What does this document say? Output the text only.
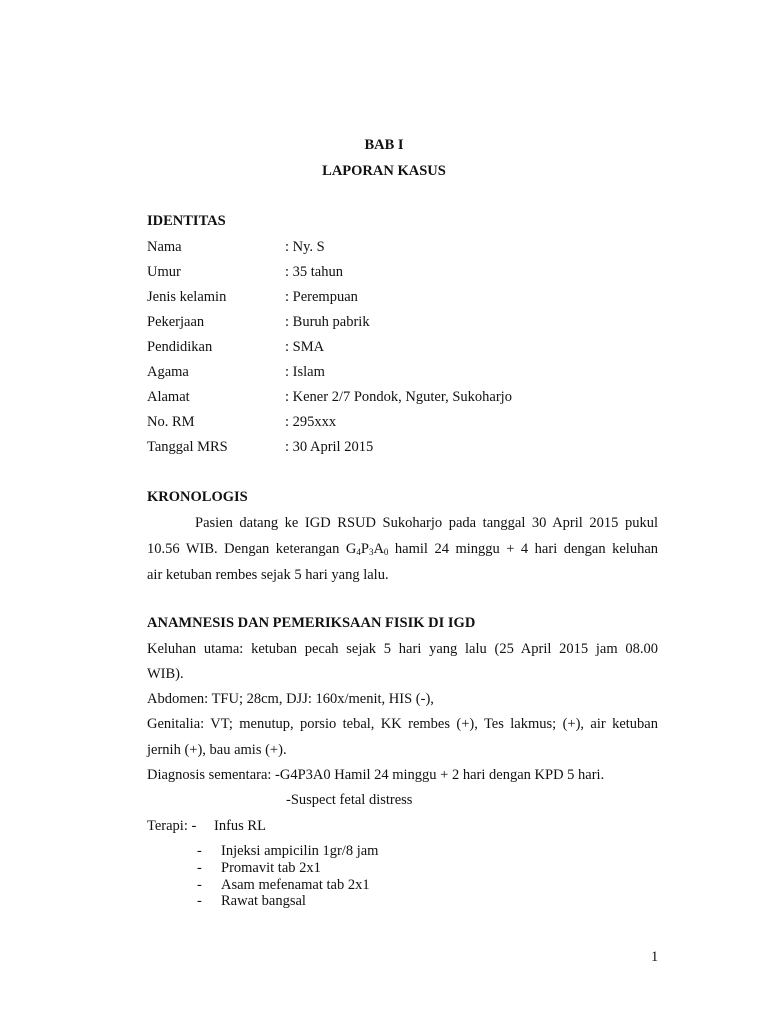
BAB I
LAPORAN KASUS
IDENTITAS
Nama	: Ny. S
Umur	: 35 tahun
Jenis kelamin	: Perempuan
Pekerjaan	: Buruh pabrik
Pendidikan	: SMA
Agama	: Islam
Alamat	: Kener 2/7 Pondok, Nguter, Sukoharjo
No. RM	: 295xxx
Tanggal MRS	: 30 April 2015
KRONOLOGIS
Pasien datang ke IGD RSUD Sukoharjo pada tanggal 30 April 2015 pukul
10.56 WIB. Dengan keterangan $G_4P_3A_0$ hamil 24 minggu + 4 hari dengan keluhan
air ketuban rembes sejak 5 hari yang lalu.
ANAMNESIS DAN PEMERIKSAAN FISIK DI IGD
Keluhan utama: ketuban pecah sejak 5 hari yang lalu (25 April 2015 jam 08.00
WIB).
Abdomen: TFU; 28cm, DJJ: 160x/menit, HIS (-),
Genitalia: VT; menutup, porsio tebal, KK rembes (+), Tes lakmus; (+), air ketuban
jernih (+), bau amis (+).
Diagnosis sementara: -G4P3A0 Hamil 24 minggu + 2 hari dengan KPD 5 hari.
-Suspect fetal distress
Terapi: - Infus RL
- Injeksi ampicilin 1gr/8 jam
- Promavit tab 2x1
- Asam mefenamat tab 2x1
- Rawat bangsal
1
